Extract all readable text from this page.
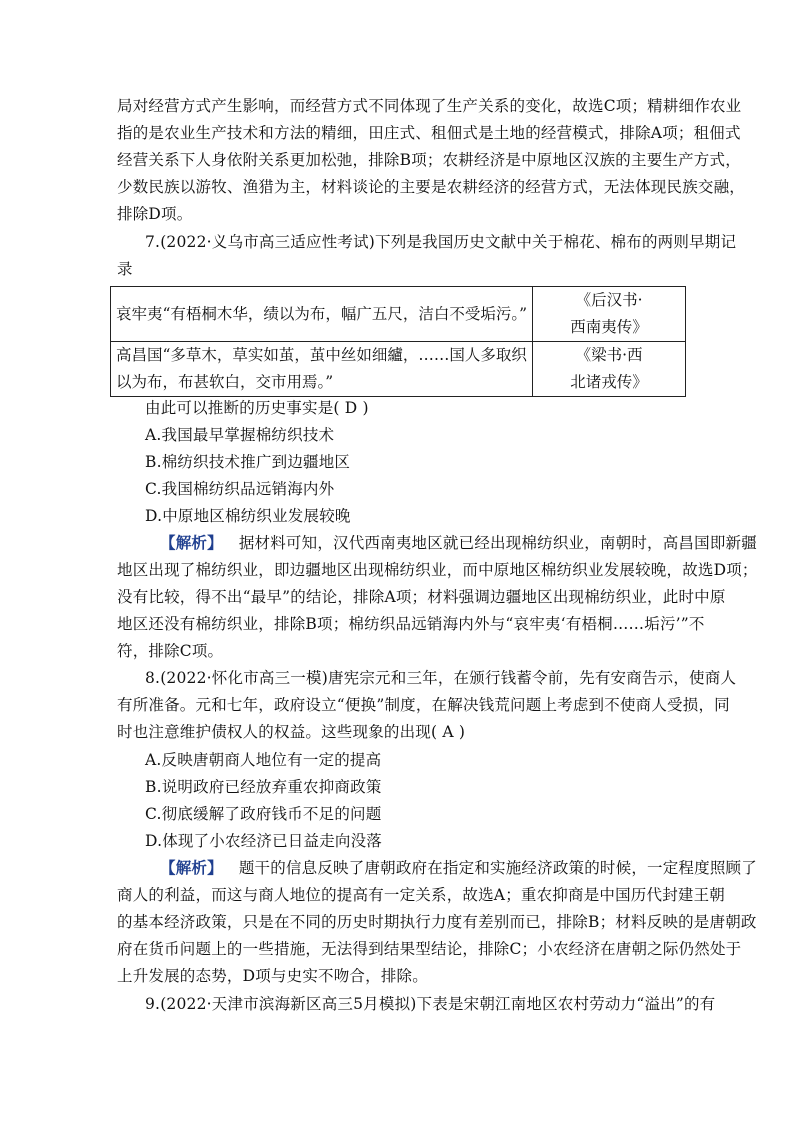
局对经营方式产生影响，而经营方式不同体现了生产关系的变化，故选C项；精耕细作农业
指的是农业生产技术和方法的精细，田庄式、租佃式是土地的经营模式，排除A项；租佃式
经营关系下人身依附关系更加松弛，排除B项；农耕经济是中原地区汉族的主要生产方式，
少数民族以游牧、渔猎为主，材料谈论的主要是农耕经济的经营方式，无法体现民族交融，
排除D项。
7.(2022·义乌市高三适应性考试)下列是我国历史文献中关于棉花、棉布的两则早期记
录
哀牢夷“有梧桐木华，绩以为布，幅广五尺，洁白不受垢污。”	《后汉书·
西南夷传》

高昌国“多草木，草实如茧，茧中丝如细纑，……国人多取织
以为布，布甚软白，交市用焉。”	《梁书·西
北诸戎传》
由此可以推断的历史事实是( D )
A.我国最早掌握棉纺织技术
B.棉纺织技术推广到边疆地区
C.我国棉纺织品远销海内外
D.中原地区棉纺织业发展较晚
【解析】 据材料可知，汉代西南夷地区就已经出现棉纺织业，南朝时，高昌国即新疆
地区出现了棉纺织业，即边疆地区出现棉纺织业，而中原地区棉纺织业发展较晚，故选D项；
没有比较，得不出“最早”的结论，排除A项；材料强调边疆地区出现棉纺织业，此时中原
地区还没有棉纺织业，排除B项；棉纺织品远销海内外与“哀牢夷‘有梧桐……垢污’”不
符，排除C项。
8.(2022·怀化市高三一模)唐宪宗元和三年，在颁行钱蓄令前，先有安商告示，使商人
有所准备。元和七年，政府设立“便换”制度，在解决钱荒问题上考虑到不使商人受损，同
时也注意维护债权人的权益。这些现象的出现( A )
A.反映唐朝商人地位有一定的提高
B.说明政府已经放弃重农抑商政策
C.彻底缓解了政府钱币不足的问题
D.体现了小农经济已日益走向没落
【解析】 题干的信息反映了唐朝政府在指定和实施经济政策的时候，一定程度照顾了
商人的利益，而这与商人地位的提高有一定关系，故选A；重农抑商是中国历代封建王朝
的基本经济政策，只是在不同的历史时期执行力度有差别而已，排除B；材料反映的是唐朝政
府在货币问题上的一些措施，无法得到结果型结论，排除C；小农经济在唐朝之际仍然处于
上升发展的态势，D项与史实不吻合，排除。
9.(2022·天津市滨海新区高三5月模拟)下表是宋朝江南地区农村劳动力“溢出”的有
